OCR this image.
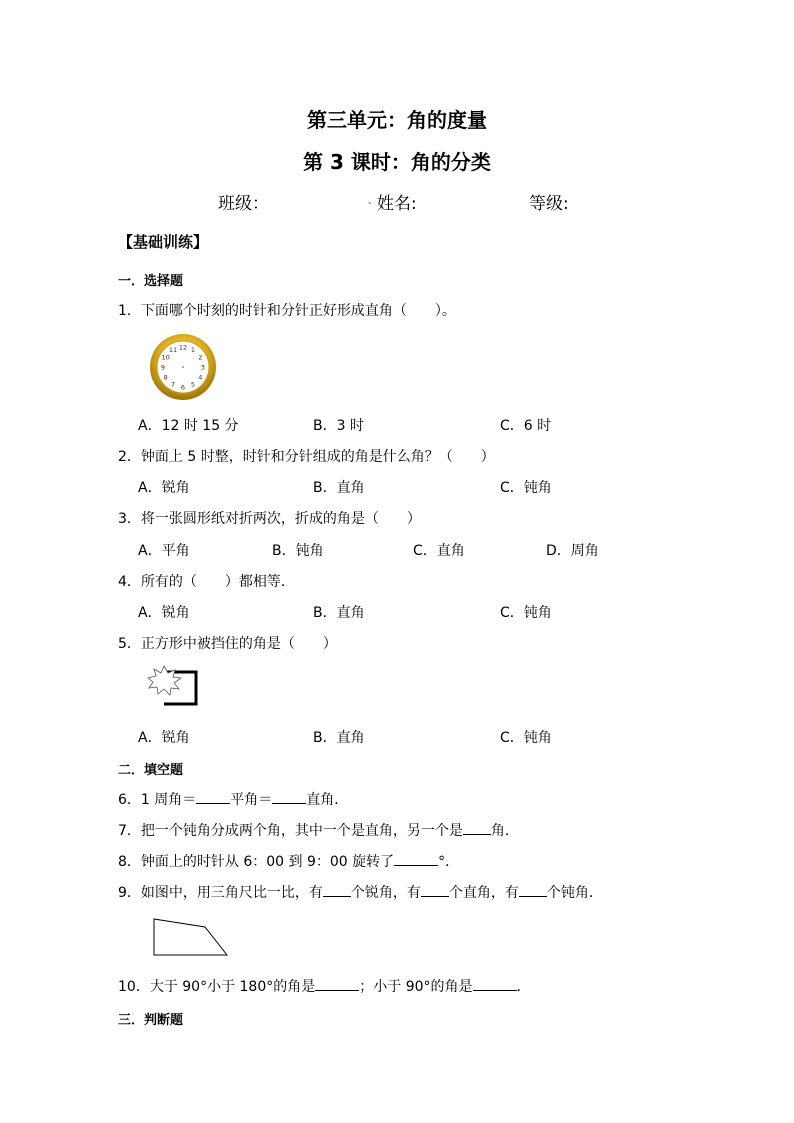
第三单元：角的度量
第 3 课时：角的分类
班级：	. 姓名:	等级:
【基础训练】
一．选择题
1．下面哪个时刻的时针和分针正好形成直角（　　）。
12 1
2
3
4
5
6
7
8
9
10
11
A．12 时 15 分	B．3 时	C．6 时
2．钟面上 5 时整，时针和分针组成的角是什么角？（　　）
A．锐角	B．直角	C．钝角
3．将一张圆形纸对折两次，折成的角是（　　）
A．平角	B．钝角	C．直角	D．周角
4．所有的（　　）都相等．
A．锐角	B．直角	C．钝角
5．正方形中被挡住的角是（　　）
A．锐角	B．直角	C．钝角
二．填空题
6．1 周角＝ 平角＝ 直角．
7．把一个钝角分成两个角，其中一个是直角，另一个是 角．
8．钟面上的时针从 6：00 到 9：00 旋转了	°．
9．如图中，用三角尺比一比，有 个锐角，有 个直角，有 个钝角．
10．大于 90°小于 180°的角是	；小于 90°的角是	．
三．判断题
